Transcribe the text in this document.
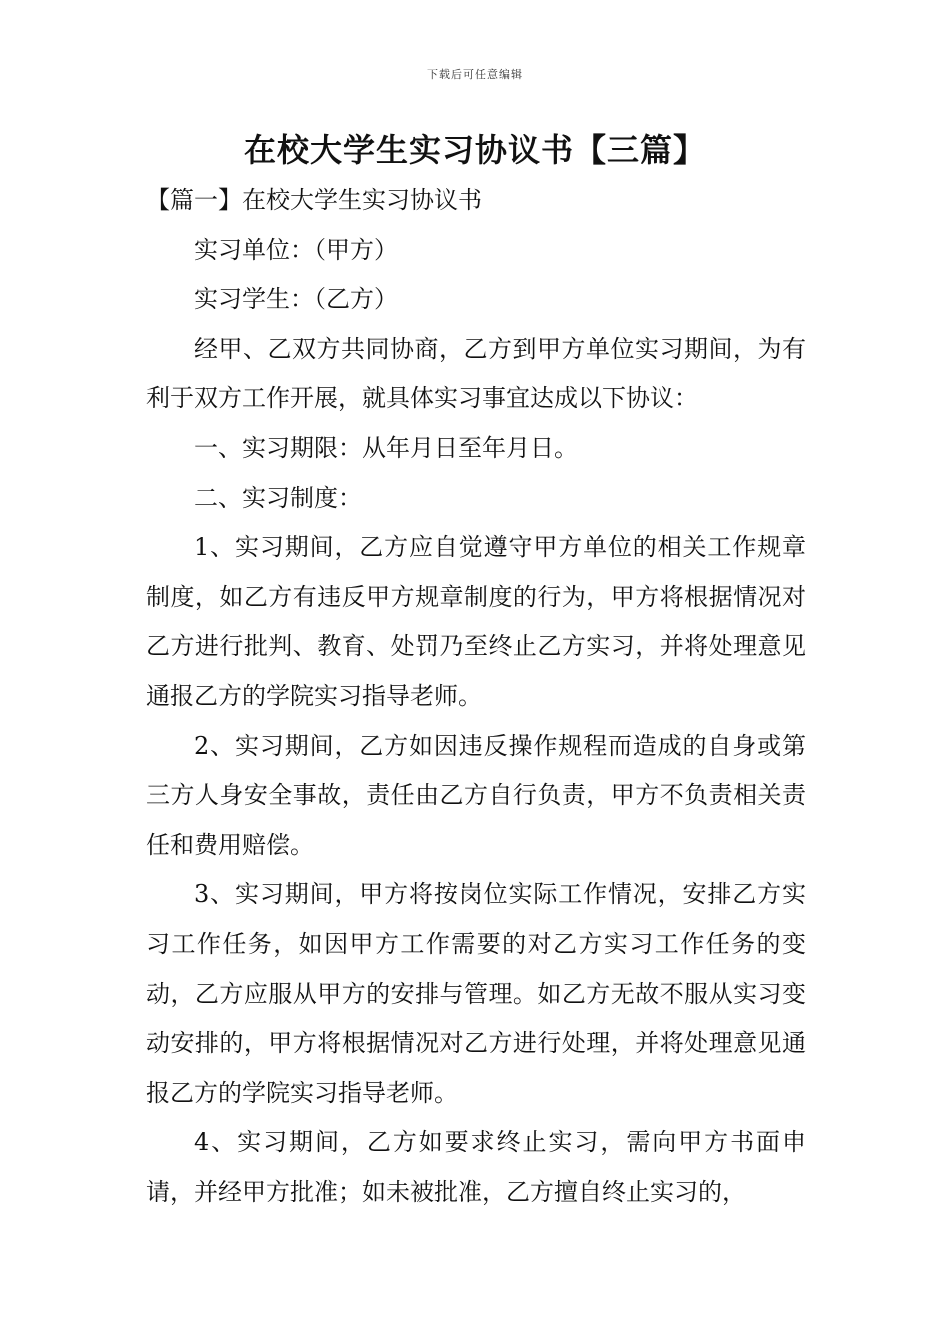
下载后可任意编辑
在校大学生实习协议书【三篇】

【篇一】在校大学生实习协议书

实习单位：（甲方）

实习学生：（乙方）

经甲、乙双方共同协商，乙方到甲方单位实习期间，为有利于双方工作开展，就具体实习事宜达成以下协议：

一、实习期限：从年月日至年月日。

二、实习制度：

1、实习期间，乙方应自觉遵守甲方单位的相关工作规章制度，如乙方有违反甲方规章制度的行为，甲方将根据情况对乙方进行批判、教育、处罚乃至终止乙方实习，并将处理意见通报乙方的学院实习指导老师。

2、实习期间，乙方如因违反操作规程而造成的自身或第三方人身安全事故，责任由乙方自行负责，甲方不负责相关责任和费用赔偿。

3、实习期间，甲方将按岗位实际工作情况，安排乙方实习工作任务，如因甲方工作需要的对乙方实习工作任务的变动，乙方应服从甲方的安排与管理。如乙方无故不服从实习变动安排的，甲方将根据情况对乙方进行处理，并将处理意见通报乙方的学院实习指导老师。

4、实习期间，乙方如要求终止实习，需向甲方书面申请，并经甲方批准；如未被批准，乙方擅自终止实习的，
